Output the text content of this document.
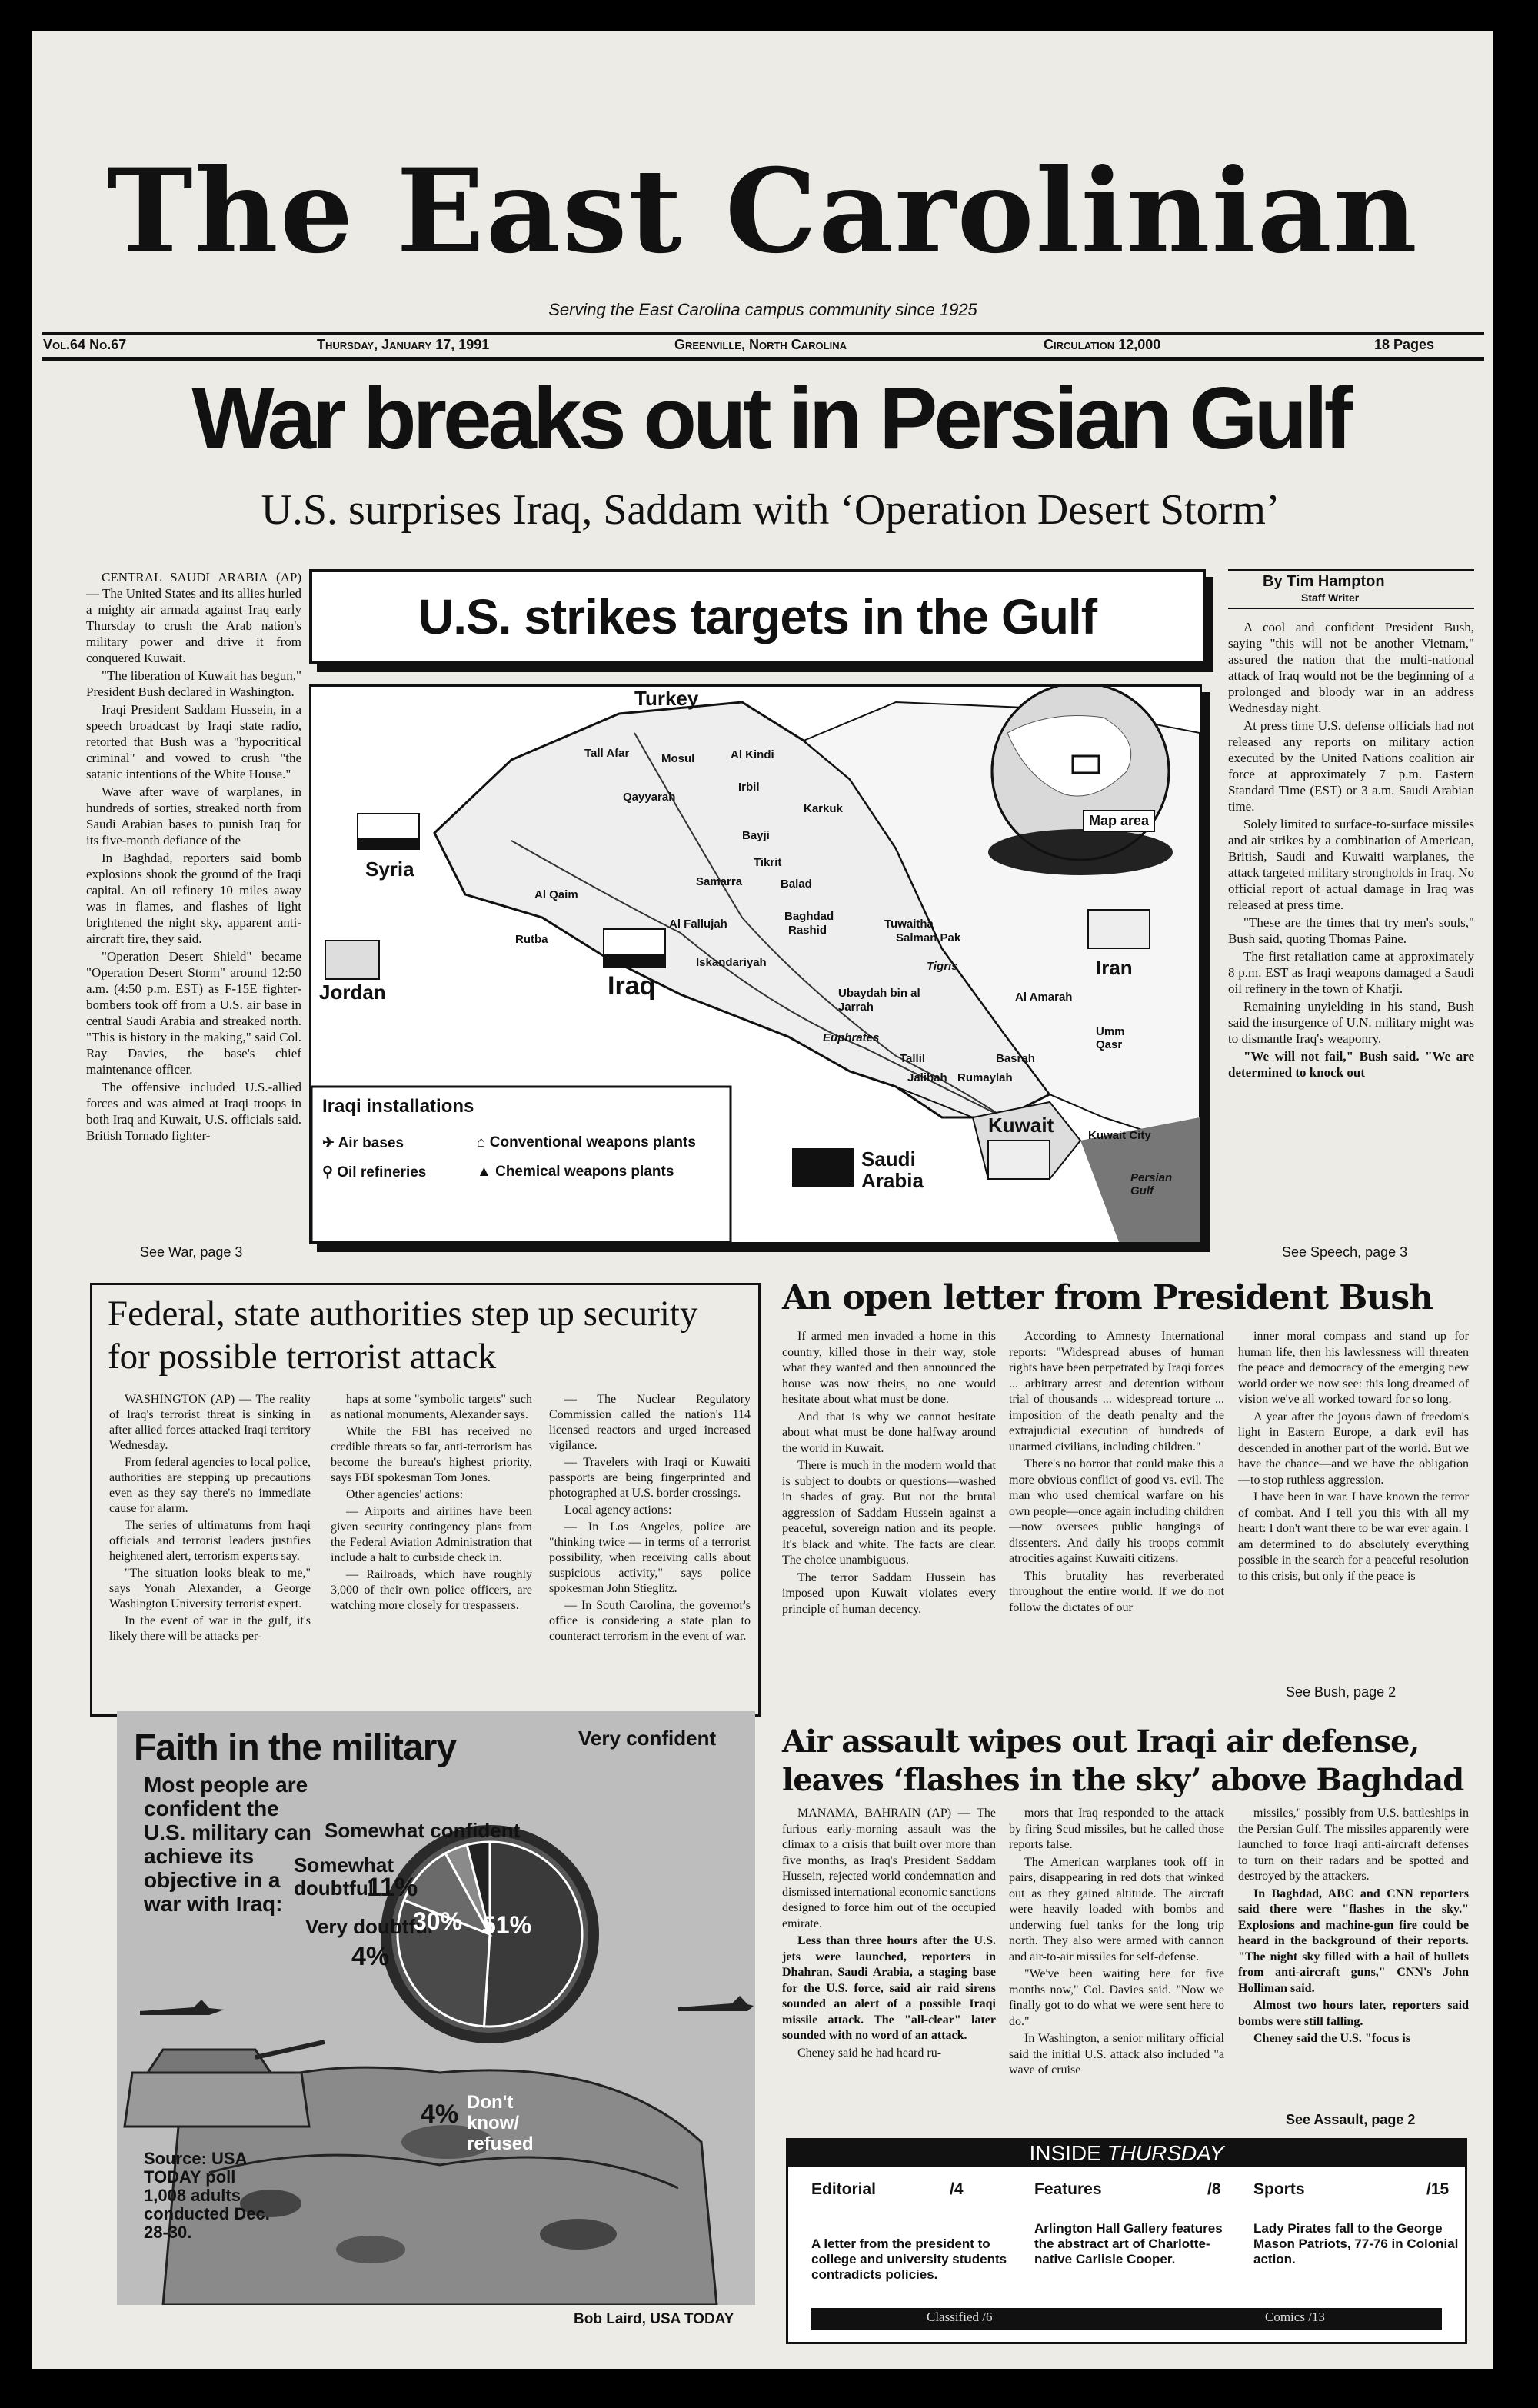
The East Carolinian
Serving the East Carolina campus community since 1925
Vol.64 No.67	Thursday, January 17, 1991	Greenville, North Carolina	Circulation 12,000	18 Pages
War breaks out in Persian Gulf
U.S. surprises Iraq, Saddam with ‘Operation Desert Storm’

CENTRAL SAUDI ARABIA (AP) — The United States and its allies hurled a mighty air armada against Iraq early Thursday to crush the Arab nation's military power and drive it from conquered Kuwait.

"The liberation of Kuwait has begun," President Bush declared in Washington.

Iraqi President Saddam Hussein, in a speech broadcast by Iraqi state radio, retorted that Bush was a "hypocritical criminal" and vowed to crush "the satanic intentions of the White House."

Wave after wave of warplanes, in hundreds of sorties, streaked north from Saudi Arabian bases to punish Iraq for its five-month defiance of the

In Baghdad, reporters said bomb explosions shook the ground of the Iraqi capital. An oil refinery 10 miles away was in flames, and flashes of light brightened the night sky, apparent anti-aircraft fire, they said.

"Operation Desert Shield" became "Operation Desert Storm" around 12:50 a.m. (4:50 p.m. EST) as F-15E fighter-bombers took off from a U.S. air base in central Saudi Arabia and streaked north. "This is history in the making," said Col. Ray Davies, the base's chief maintenance officer.

The offensive included U.S.-allied forces and was aimed at Iraqi troops in both Iraq and Kuwait, U.S. officials said. British Tornado fighter-

See War, page 3
U.S. strikes targets in the Gulf
Turkey
Syria
Jordan	Iraq
Iran
Kuwait
Saudi Arabia
Tall Afar	Mosul	Al Kindi
Irbil
Qayyarah
Karkuk
Bayji
Tikrit
Samarra	Balad
Al Qaim
Al Fallujah
Baghdad
Rashid	Tuwaitha
Salman Pak
Rutba
Iskandariyah
Ubaydah bin al Jarrah
Tigris
Al Amarah
Euphrates
Tallil
Jalibah Rumaylah
Basrah
Umm Qasr
Kuwait City
Persian Gulf
Map area
Iraqi installations
✈ Air bases
⚲ Oil refineries
⌂ Conventional weapons plants
▲ Chemical weapons plants
By Tim Hampton
Staff Writer

A cool and confident President Bush, saying "this will not be another Vietnam," assured the nation that the multi-national attack of Iraq would not be the beginning of a prolonged and bloody war in an address Wednesday night.

At press time U.S. defense officials had not released any reports on military action executed by the United Nations coalition air force at approximately 7 p.m. Eastern Standard Time (EST) or 3 a.m. Saudi Arabian time.

Solely limited to surface-to-surface missiles and air strikes by a combination of American, British, Saudi and Kuwaiti warplanes, the attack targeted military strongholds in Iraq. No official report of actual damage in Iraq was released at press time.

"These are the times that try men's souls," Bush said, quoting Thomas Paine.

The first retaliation came at approximately 8 p.m. EST as Iraqi weapons damaged a Saudi oil refinery in the town of Khafji.

Remaining unyielding in his stand, Bush said the insurgence of U.N. military might was to dismantle Iraq's weaponry.

"We will not fail," Bush said. "We are determined to knock out

See Speech, page 3
Federal, state authorities step up security for possible terrorist attack

WASHINGTON (AP) — The reality of Iraq's terrorist threat is sinking in after allied forces attacked Iraqi territory Wednesday.

From federal agencies to local police, authorities are stepping up precautions even as they say there's no immediate cause for alarm.

The series of ultimatums from Iraqi officials and terrorist leaders justifies heightened alert, terrorism experts say.

"The situation looks bleak to me," says Yonah Alexander, a George Washington University terrorist expert.

In the event of war in the gulf, it's likely there will be attacks per-

haps at some "symbolic targets" such as national monuments, Alexander says.

While the FBI has received no credible threats so far, anti-terrorism has become the bureau's highest priority, says FBI spokesman Tom Jones.

Other agencies' actions:

— Airports and airlines have been given security contingency plans from the Federal Aviation Administration that include a halt to curbside check in.

— Railroads, which have roughly 3,000 of their own police officers, are watching more closely for trespassers.

— The Nuclear Regulatory Commission called the nation's 114 licensed reactors and urged increased vigilance.

— Travelers with Iraqi or Kuwaiti passports are being fingerprinted and photographed at U.S. border crossings.

Local agency actions:

— In Los Angeles, police are "thinking twice — in terms of a terrorist possibility, when receiving calls about suspicious activity," says police spokesman John Stieglitz.

— In South Carolina, the governor's office is considering a state plan to counteract terrorism in the event of war.

An open letter from President Bush

If armed men invaded a home in this country, killed those in their way, stole what they wanted and then announced the house was now theirs, no one would hesitate about what must be done.

And that is why we cannot hesitate about what must be done halfway around the world in Kuwait.

There is much in the modern world that is subject to doubts or questions—washed in shades of gray. But not the brutal aggression of Saddam Hussein against a peaceful, sovereign nation and its people. It's black and white. The facts are clear. The choice unambiguous.

The terror Saddam Hussein has imposed upon Kuwait violates every principle of human decency.

According to Amnesty International reports: "Widespread abuses of human rights have been perpetrated by Iraqi forces ... arbitrary arrest and detention without trial of thousands ... widespread torture ... imposition of the death penalty and the extrajudicial execution of hundreds of unarmed civilians, including children."

There's no horror that could make this a more obvious conflict of good vs. evil. The man who used chemical warfare on his own people—once again including children—now oversees public hangings of dissenters. And daily his troops commit atrocities against Kuwaiti citizens.

This brutality has reverberated throughout the entire world. If we do not follow the dictates of our

inner moral compass and stand up for human life, then his lawlessness will threaten the peace and democracy of the emerging new world order we now see: this long dreamed of vision we've all worked toward for so long.

A year after the joyous dawn of freedom's light in Eastern Europe, a dark evil has descended in another part of the world. But we have the chance—and we have the obligation—to stop ruthless aggression.

I have been in war. I have known the terror of combat. And I tell you this with all my heart: I don't want there to be war ever again. I am determined to do absolutely everything possible in the search for a peaceful resolution to this crisis, but only if the peace is

See Bush, page 2
Faith in the military
Most people are confident the U.S. military can achieve its objective in a war with Iraq:
Source: USA TODAY poll 1,008 adults conducted Dec. 28-30.
Very confident
Somewhat confident
Somewhat doubtful
11%
Very doubtful
4%
4% Don't know/ refused
30% 51%
Bob Laird, USA TODAY
Air assault wipes out Iraqi air defense, leaves ‘flashes in the sky’ above Baghdad

MANAMA, BAHRAIN (AP) — The furious early-morning assault was the climax to a crisis that built over more than five months, as Iraq's President Saddam Hussein, rejected world condemnation and dismissed international economic sanctions designed to force him out of the occupied emirate.

Less than three hours after the U.S. jets were launched, reporters in Dhahran, Saudi Arabia, a staging base for the U.S. force, said air raid sirens sounded an alert of a possible Iraqi missile attack. The "all-clear" later sounded with no word of an attack.

Cheney said he had heard ru-

mors that Iraq responded to the attack by firing Scud missiles, but he called those reports false.

The American warplanes took off in pairs, disappearing in red dots that winked out as they gained altitude. The aircraft were heavily loaded with bombs and underwing fuel tanks for the long trip north. They also were armed with cannon and air-to-air missiles for self-defense.

"We've been waiting here for five months now," Col. Davies said. "Now we finally got to do what we were sent here to do."

In Washington, a senior military official said the initial U.S. attack also included "a wave of cruise

missiles," possibly from U.S. battleships in the Persian Gulf. The missiles apparently were launched to force Iraqi anti-aircraft defenses to turn on their radars and be spotted and destroyed by the attackers.

In Baghdad, ABC and CNN reporters said there were "flashes in the sky." Explosions and machine-gun fire could be heard in the background of their reports. "The night sky filled with a hail of bullets from anti-aircraft guns," CNN's John Holliman said.

Almost two hours later, reporters said bombs were still falling.

Cheney said the U.S. "focus is

See Assault, page 2
INSIDE THURSDAY
Editorial	/4	Features	/8 Sports	/15
A letter from the president to college and university students contradicts policies.
Arlington Hall Gallery features the abstract art of Charlotte-native Carlisle Cooper.
Lady Pirates fall to the George Mason Patriots, 77-76 in Colonial action.
Classified /6	Comics /13
